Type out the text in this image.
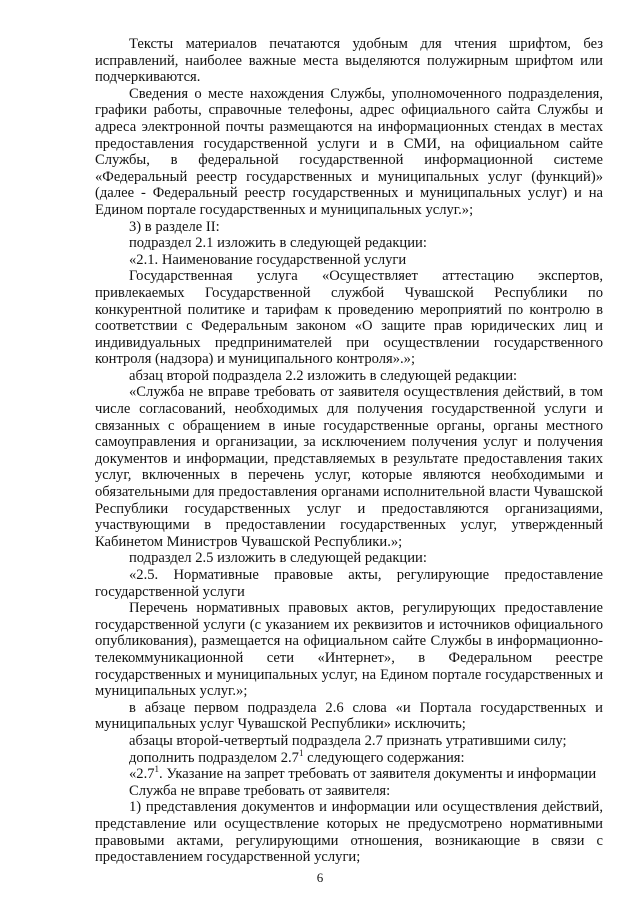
Тексты материалов печатаются удобным для чтения шрифтом, без исправлений, наиболее важные места выделяются полужирным шрифтом или подчеркиваются.

Сведения о месте нахождения Службы, уполномоченного подразделения, графики работы, справочные телефоны, адрес официального сайта Службы и адреса электронной почты размещаются на информационных стендах в местах предоставления государственной услуги и в СМИ, на официальном сайте Службы, в федеральной государственной информационной системе «Федеральный реестр государственных и муниципальных услуг (функций)» (далее - Федеральный реестр государственных и муниципальных услуг) и на Едином портале государственных и муниципальных услуг.»;

3) в разделе II:

подраздел 2.1 изложить в следующей редакции:

«2.1. Наименование государственной услуги

Государственная услуга «Осуществляет аттестацию экспертов, привлекаемых Государственной службой Чувашской Республики по конкурентной политике и тарифам к проведению мероприятий по контролю в соответствии с Федеральным законом «О защите прав юридических лиц и индивидуальных предпринимателей при осуществлении государственного контроля (надзора) и муниципального контроля».»;

абзац второй подраздела 2.2 изложить в следующей редакции:

«Служба не вправе требовать от заявителя осуществления действий, в том числе согласований, необходимых для получения государственной услуги и связанных с обращением в иные государственные органы, органы местного самоуправления и организации, за исключением получения услуг и получения документов и информации, представляемых в результате предоставления таких услуг, включенных в перечень услуг, которые являются необходимыми и обязательными для предоставления органами исполнительной власти Чувашской Республики государственных услуг и предоставляются организациями, участвующими в предоставлении государственных услуг, утвержденный Кабинетом Министров Чувашской Республики.»;

подраздел 2.5 изложить в следующей редакции:

«2.5. Нормативные правовые акты, регулирующие предоставление государственной услуги

Перечень нормативных правовых актов, регулирующих предоставление государственной услуги (с указанием их реквизитов и источников официального опубликования), размещается на официальном сайте Службы в информационно-телекоммуникационной сети «Интернет», в Федеральном реестре государственных и муниципальных услуг, на Едином портале государственных и муниципальных услуг.»;

в абзаце первом подраздела 2.6 слова «и Портала государственных и муниципальных услуг Чувашской Республики» исключить;

абзацы второй-четвертый подраздела 2.7 признать утратившими силу;

дополнить подразделом $2.7^1$ следующего содержания:

«$2.7^1$. Указание на запрет требовать от заявителя документы и информации

Служба не вправе требовать от заявителя:

1) представления документов и информации или осуществления действий, представление или осуществление которых не предусмотрено нормативными правовыми актами, регулирующими отношения, возникающие в связи с предоставлением государственной услуги;

6
